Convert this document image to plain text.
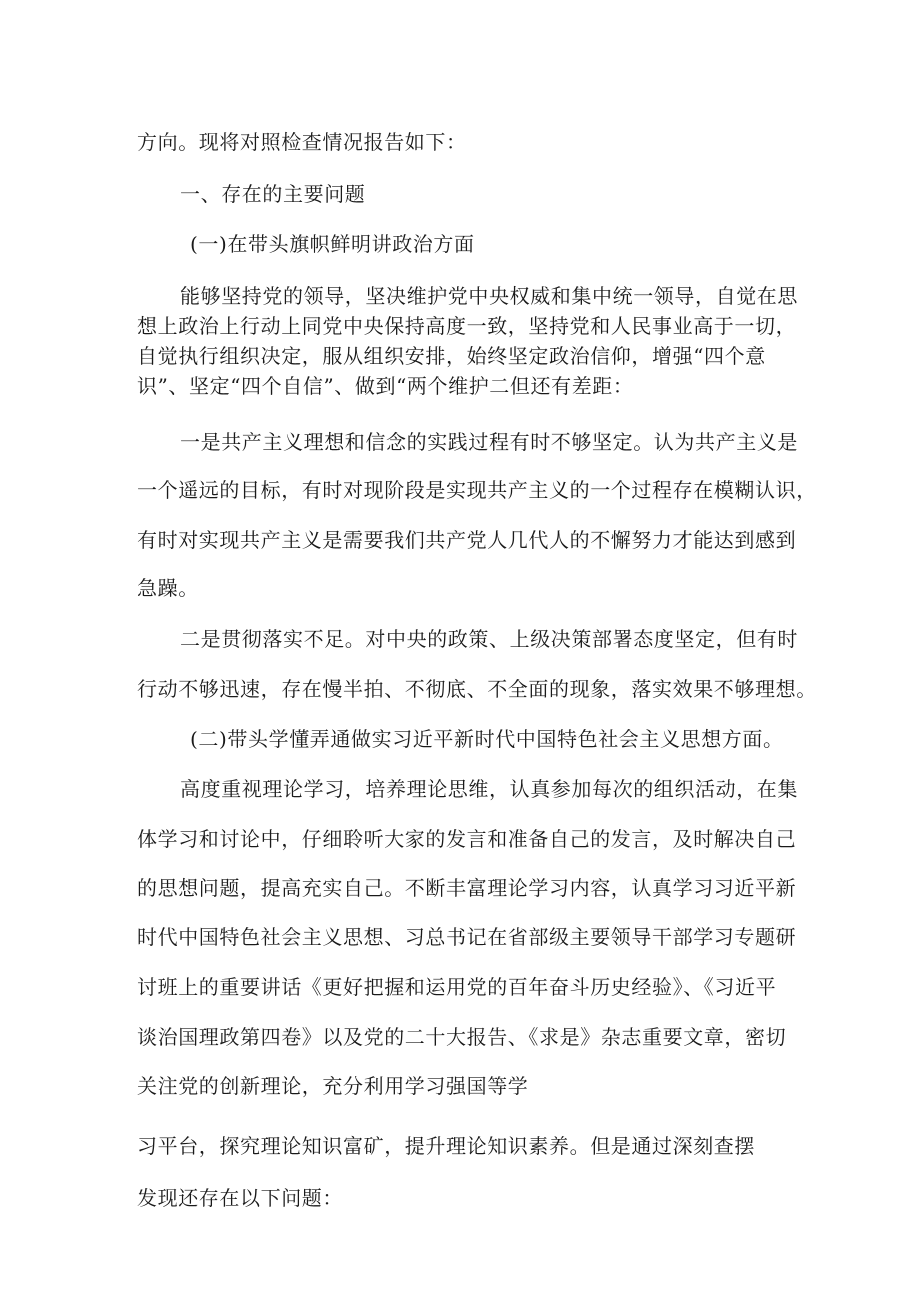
方向。现将对照检查情况报告如下：
一、存在的主要问题
(一)在带头旗帜鲜明讲政治方面
能够坚持党的领导，坚决维护党中央权威和集中统一领导，自觉在思
想上政治上行动上同党中央保持高度一致，坚持党和人民事业高于一切，
自觉执行组织决定，服从组织安排，始终坚定政治信仰，增强“四个意
识”、坚定“四个自信”、做到“两个维护二但还有差距：
一是共产主义理想和信念的实践过程有时不够坚定。认为共产主义是
一个遥远的目标，有时对现阶段是实现共产主义的一个过程存在模糊认识，
有时对实现共产主义是需要我们共产党人几代人的不懈努力才能达到感到
急躁。
二是贯彻落实不足。对中央的政策、上级决策部署态度坚定，但有时
行动不够迅速，存在慢半拍、不彻底、不全面的现象，落实效果不够理想。
(二)带头学懂弄通做实习近平新时代中国特色社会主义思想方面。
高度重视理论学习，培养理论思维，认真参加每次的组织活动，在集
体学习和讨论中，仔细聆听大家的发言和准备自己的发言，及时解决自己
的思想问题，提高充实自己。不断丰富理论学习内容，认真学习习近平新
时代中国特色社会主义思想、习总书记在省部级主要领导干部学习专题研
讨班上的重要讲话《更好把握和运用党的百年奋斗历史经验》、《习近平
谈治国理政第四卷》以及党的二十大报告、《求是》杂志重要文章，密切
关注党的创新理论，充分利用学习强国等学
习平台，探究理论知识富矿，提升理论知识素养。但是通过深刻查摆
发现还存在以下问题：
